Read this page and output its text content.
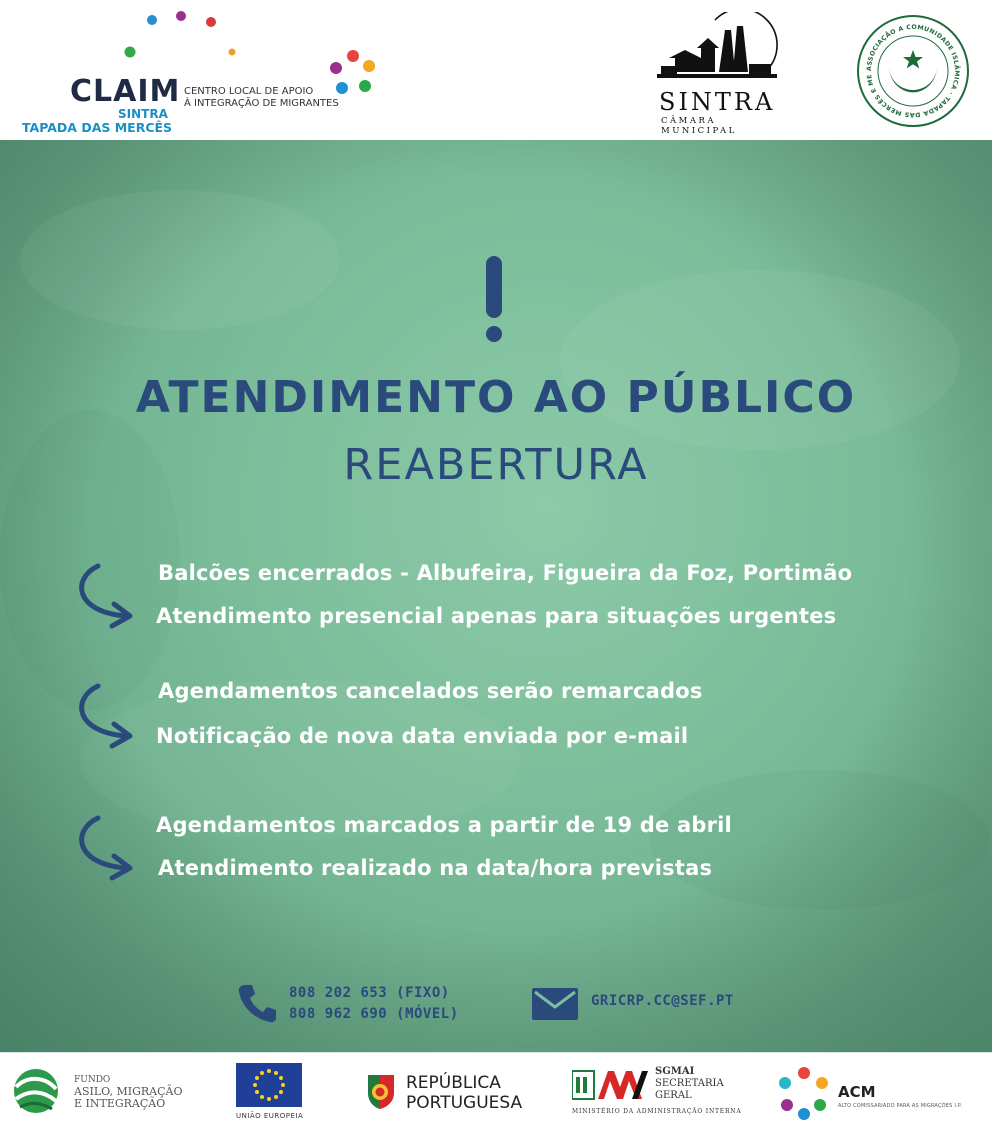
CLAIM
SINTRA
TAPADA DAS MERCÊS
CENTRO LOCAL DE APOIO
À INTEGRAÇÃO DE MIGRANTES	SINTRA
CÂMARA MUNICIPAL
ASSOCIAÇÃO A COMUNIDADE ISLÂMICA · TAPADA DAS MERCÊS E ME
ATENDIMENTO AO PÚBLICO
REABERTURA
Balcões encerrados - Albufeira, Figueira da Foz, Portimão
Atendimento presencial apenas para situações urgentes
Agendamentos cancelados serão remarcados
Notificação de nova data enviada por e-mail
Agendamentos marcados a partir de 19 de abril
Atendimento realizado na data/hora previstas
808 202 653 (FIXO)
808 962 690 (MÓVEL)
GRICRP.CC@SEF.PT
FUNDO
ASILO, MIGRAÇÃO
E INTEGRAÇÃO
UNIÃO EUROPEIA
REPÚBLICA
PORTUGUESA
SGMAI
SECRETARIA
GERAL
MINISTÉRIO DA ADMINISTRAÇÃO INTERNA
ACM
ALTO COMISSARIADO PARA AS MIGRAÇÕES I.P.
